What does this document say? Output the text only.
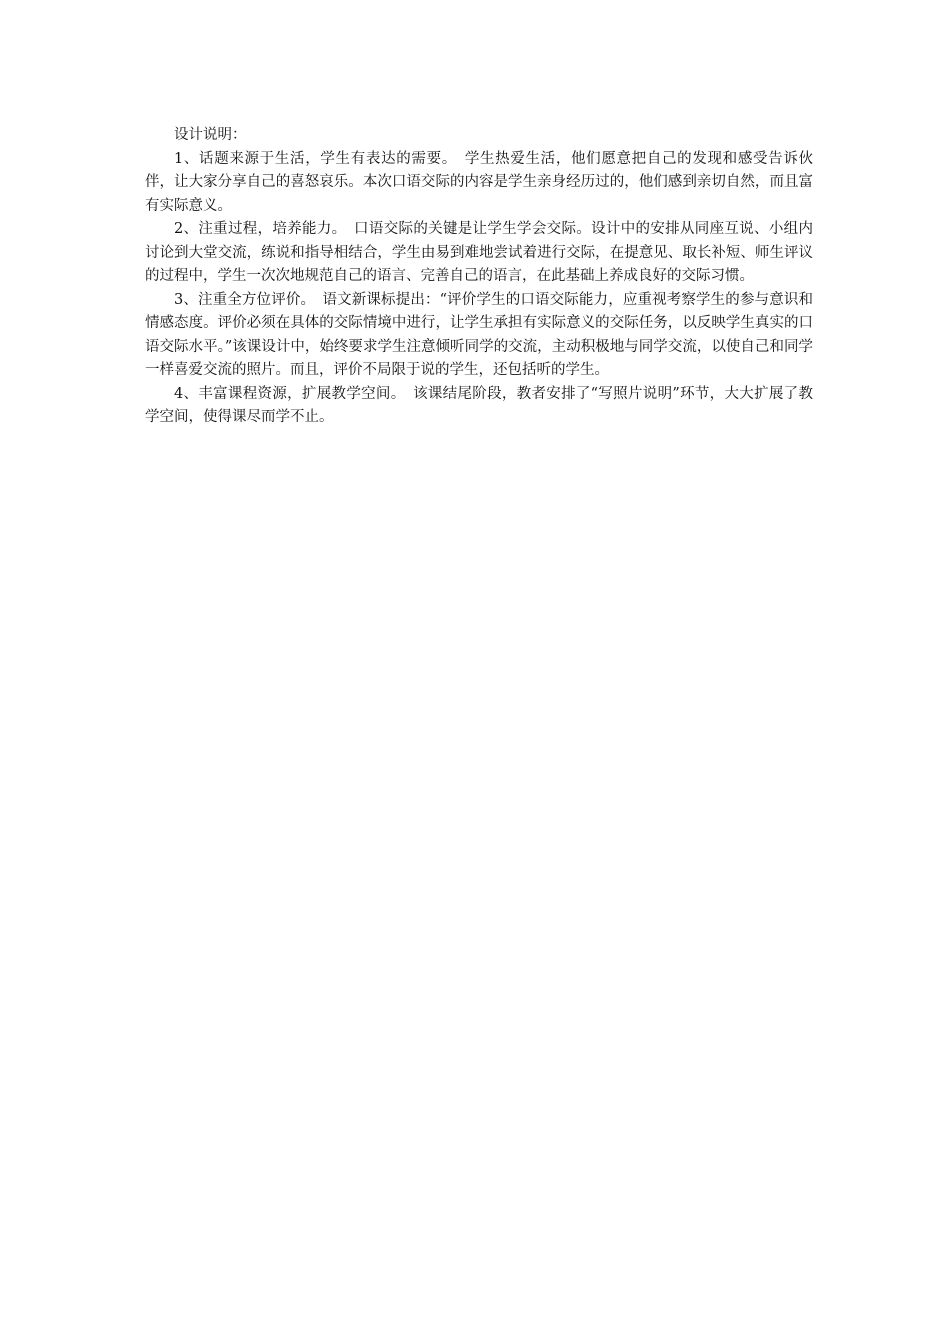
设计说明：

1、话题来源于生活，学生有表达的需要。　学生热爱生活，他们愿意把自己的发现和感受告诉伙伴，让大家分享自己的喜怒哀乐。本次口语交际的内容是学生亲身经历过的，他们感到亲切自然，而且富有实际意义。

2、注重过程，培养能力。　口语交际的关键是让学生学会交际。设计中的安排从同座互说、小组内讨论到大堂交流，练说和指导相结合，学生由易到难地尝试着进行交际，在提意见、取长补短、师生评议的过程中，学生一次次地规范自己的语言、完善自己的语言，在此基础上养成良好的交际习惯。

3、注重全方位评价。　语文新课标提出：“评价学生的口语交际能力，应重视考察学生的参与意识和情感态度。评价必须在具体的交际情境中进行，让学生承担有实际意义的交际任务，以反映学生真实的口语交际水平。”该课设计中，始终要求学生注意倾听同学的交流，主动积极地与同学交流，以使自己和同学一样喜爱交流的照片。而且，评价不局限于说的学生，还包括听的学生。

4、丰富课程资源，扩展教学空间。　该课结尾阶段，教者安排了“写照片说明”环节，大大扩展了教学空间，使得课尽而学不止。
